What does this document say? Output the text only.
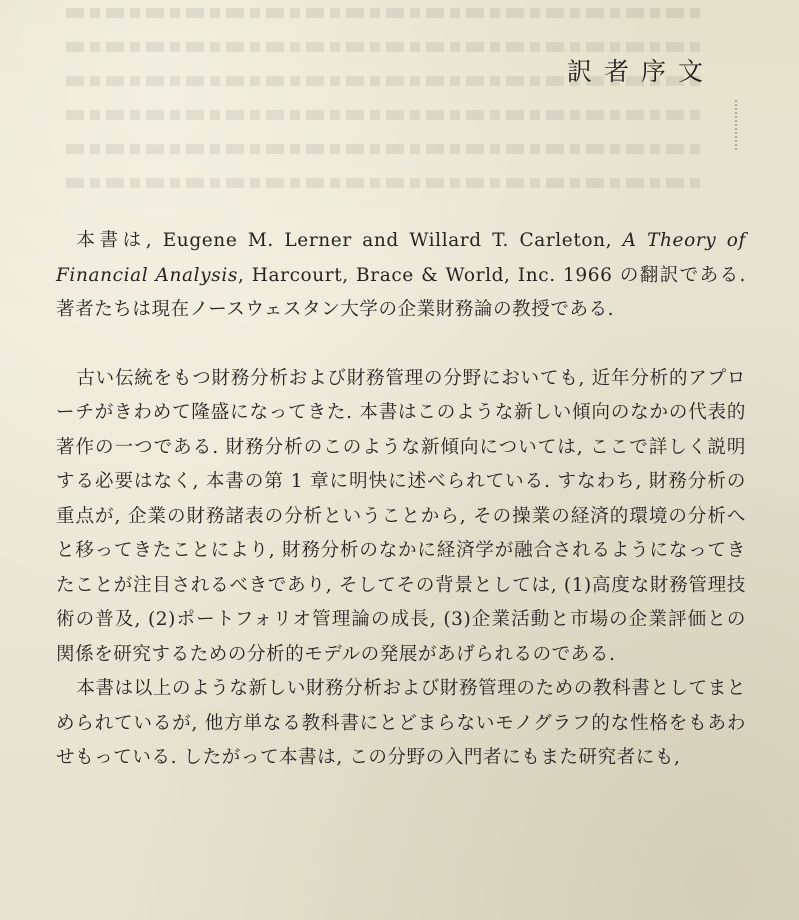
訳者序文

本書は, Eugene M. Lerner and Willard T. Carleton, A Theory of Financial Analysis, Harcourt, Brace & World, Inc. 1966 の翻訳である. 著者たちは現在ノースウェスタン大学の企業財務論の教授である.

古い伝統をもつ財務分析および財務管理の分野においても, 近年分析的アプローチがきわめて隆盛になってきた. 本書はこのような新しい傾向のなかの代表的著作の一つである. 財務分析のこのような新傾向については, ここで詳しく説明する必要はなく, 本書の第 1 章に明快に述べられている. すなわち, 財務分析の重点が, 企業の財務諸表の分析ということから, その操業の経済的環境の分析へと移ってきたことにより, 財務分析のなかに経済学が融合されるようになってきたことが注目されるべきであり, そしてその背景としては, (1)高度な財務管理技術の普及, (2)ポートフォリオ管理論の成長, (3)企業活動と市場の企業評価との関係を研究するための分析的モデルの発展があげられるのである.

本書は以上のような新しい財務分析および財務管理のための教科書としてまとめられているが, 他方単なる教科書にとどまらないモノグラフ的な性格をもあわせもっている. したがって本書は, この分野の入門者にもまた研究者にも,
